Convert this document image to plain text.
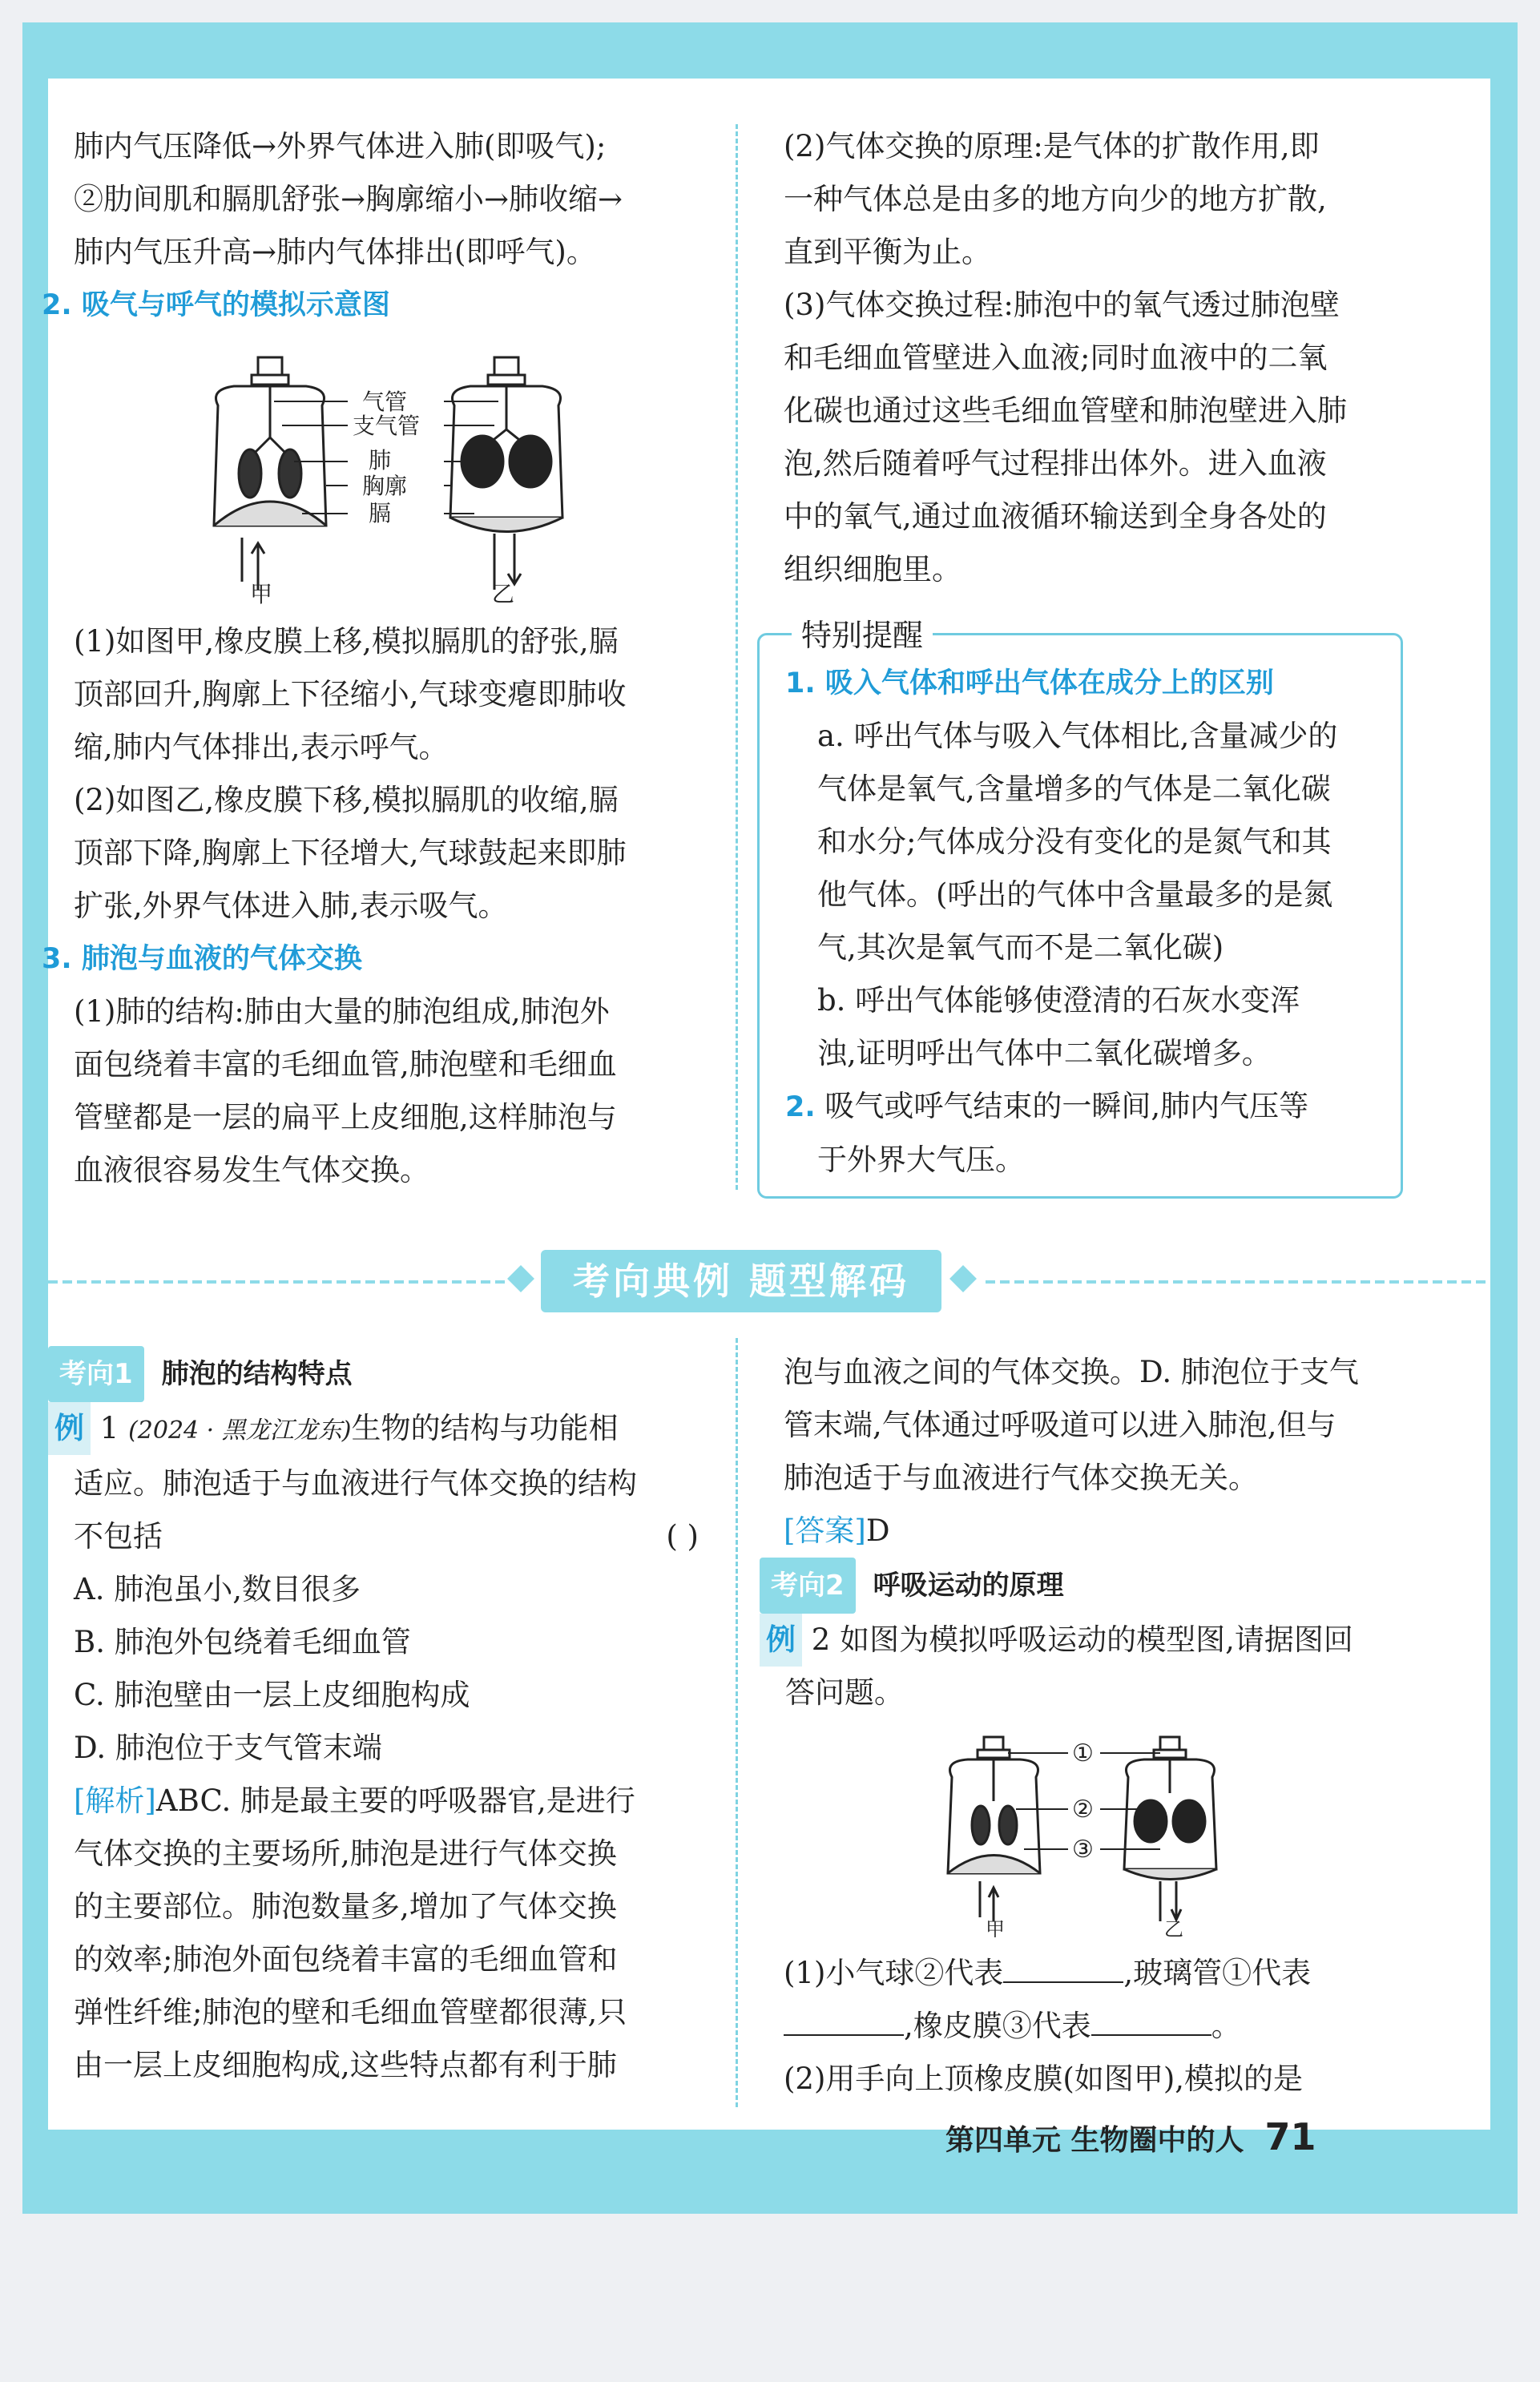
肺内气压降低→外界气体进入肺(即吸气);

②肋间肌和膈肌舒张→胸廓缩小→肺收缩→

肺内气压升高→肺内气体排出(即呼气)。

2. 吸气与呼气的模拟示意图

气管
支气管
肺
胸廓
膈
甲	乙

(1)如图甲,橡皮膜上移,模拟膈肌的舒张,膈

顶部回升,胸廓上下径缩小,气球变瘪即肺收

缩,肺内气体排出,表示呼气。

(2)如图乙,橡皮膜下移,模拟膈肌的收缩,膈

顶部下降,胸廓上下径增大,气球鼓起来即肺

扩张,外界气体进入肺,表示吸气。

3. 肺泡与血液的气体交换

(1)肺的结构:肺由大量的肺泡组成,肺泡外

面包绕着丰富的毛细血管,肺泡壁和毛细血

管壁都是一层的扁平上皮细胞,这样肺泡与

血液很容易发生气体交换。

(2)气体交换的原理:是气体的扩散作用,即

一种气体总是由多的地方向少的地方扩散,

直到平衡为止。

(3)气体交换过程:肺泡中的氧气透过肺泡壁

和毛细血管壁进入血液;同时血液中的二氧

化碳也通过这些毛细血管壁和肺泡壁进入肺

泡,然后随着呼气过程排出体外。进入血液

中的氧气,通过血液循环输送到全身各处的

组织细胞里。

特别提醒

1. 吸入气体和呼出气体在成分上的区别

a. 呼出气体与吸入气体相比,含量减少的

气体是氧气,含量增多的气体是二氧化碳

和水分;气体成分没有变化的是氮气和其

他气体。(呼出的气体中含量最多的是氮

气,其次是氧气而不是二氧化碳)

b. 呼出气体能够使澄清的石灰水变浑

浊,证明呼出气体中二氧化碳增多。

2. 吸气或呼气结束的一瞬间,肺内气压等

于外界大气压。

考向典例 题型解码

考向1 肺泡的结构特点

例 1 (2024 · 黑龙江龙东)生物的结构与功能相

适应。肺泡适于与血液进行气体交换的结构

不包括	( )

A. 肺泡虽小,数目很多

B. 肺泡外包绕着毛细血管

C. 肺泡壁由一层上皮细胞构成

D. 肺泡位于支气管末端

[解析]ABC. 肺是最主要的呼吸器官,是进行

气体交换的主要场所,肺泡是进行气体交换

的主要部位。肺泡数量多,增加了气体交换

的效率;肺泡外面包绕着丰富的毛细血管和

弹性纤维;肺泡的壁和毛细血管壁都很薄,只

由一层上皮细胞构成,这些特点都有利于肺

泡与血液之间的气体交换。D. 肺泡位于支气

管末端,气体通过呼吸道可以进入肺泡,但与

肺泡适于与血液进行气体交换无关。

[答案]D

考向2 呼吸运动的原理

例 2 如图为模拟呼吸运动的模型图,请据图回

答问题。

①
②
③
甲	乙

(1)小气球②代表	,玻璃管①代表

,橡皮膜③代表	。

(2)用手向上顶橡皮膜(如图甲),模拟的是

第四单元 生物圈中的人 71
